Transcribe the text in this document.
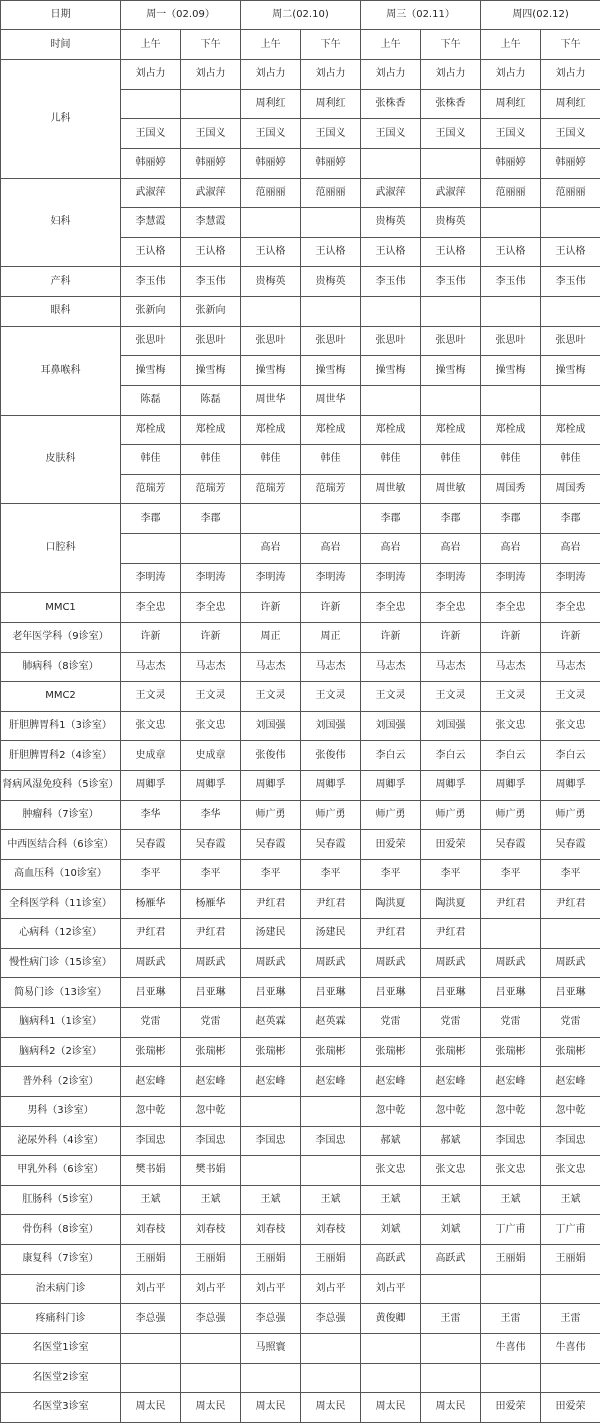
日期	周一（02.09）		周二(02.10)		周三（02.11）		周四(02.12)	
时间	上午	下午	上午	下午	上午	下午	上午	下午
儿科	刘占力	刘占力	刘占力	刘占力	刘占力	刘占力	刘占力	刘占力
			周利红	周利红	张株香	张株香	周利红	周利红
	王国义	王国义	王国义	王国义	王国义	王国义	王国义	王国义
	韩丽婷	韩丽婷	韩丽婷	韩丽婷			韩丽婷	韩丽婷
妇科	武淑萍	武淑萍	范丽丽	范丽丽	武淑萍	武淑萍	范丽丽	范丽丽
	李慧霞	李慧霞			贵梅英	贵梅英		
	王认格	王认格	王认格	王认格	王认格	王认格	王认格	王认格
产科	李玉伟	李玉伟	贵梅英	贵梅英	李玉伟	李玉伟	李玉伟	李玉伟
眼科	张新向	张新向						
耳鼻喉科	张思叶	张思叶	张思叶	张思叶	张思叶	张思叶	张思叶	张思叶
	操雪梅	操雪梅	操雪梅	操雪梅	操雪梅	操雪梅	操雪梅	操雪梅
	陈磊	陈磊	周世华	周世华				
皮肤科	郑栓成	郑栓成	郑栓成	郑栓成	郑栓成	郑栓成	郑栓成	郑栓成
	韩佳	韩佳	韩佳	韩佳	韩佳	韩佳	韩佳	韩佳
	范瑞芳	范瑞芳	范瑞芳	范瑞芳	周世敏	周世敏	周国秀	周国秀
口腔科	李郡	李郡			李郡	李郡	李郡	李郡
			高岩	高岩	高岩	高岩	高岩	高岩
	李明涛	李明涛	李明涛	李明涛	李明涛	李明涛	李明涛	李明涛
MMC1	李全忠	李全忠	许新	许新	李全忠	李全忠	李全忠	李全忠
老年医学科（9诊室）	许新	许新	周正	周正	许新	许新	许新	许新
肺病科（8诊室）	马志杰	马志杰	马志杰	马志杰	马志杰	马志杰	马志杰	马志杰
MMC2	王文灵	王文灵	王文灵	王文灵	王文灵	王文灵	王文灵	王文灵
肝胆脾胃科1（3诊室）	张文忠	张文忠	刘国强	刘国强	刘国强	刘国强	张文忠	张文忠
肝胆脾胃科2（4诊室）	史成章	史成章	张俊伟	张俊伟	李白云	李白云	李白云	李白云
肾病风湿免疫科（5诊室）	周卿孚	周卿孚	周卿孚	周卿孚	周卿孚	周卿孚	周卿孚	周卿孚
肿瘤科（7诊室）	李华	李华	师广勇	师广勇	师广勇	师广勇	师广勇	师广勇
中西医结合科（6诊室）	吴春霞	吴春霞	吴春霞	吴春霞	田爱荣	田爱荣	吴春霞	吴春霞
高血压科（10诊室）	李平	李平	李平	李平	李平	李平	李平	李平
全科医学科（11诊室）	杨雁华	杨雁华	尹红君	尹红君	陶洪夏	陶洪夏	尹红君	尹红君
心病科（12诊室）	尹红君	尹红君	汤建民	汤建民	尹红君	尹红君		
慢性病门诊（15诊室）	周跃武	周跃武	周跃武	周跃武	周跃武	周跃武	周跃武	周跃武
简易门诊（13诊室）	吕亚琳	吕亚琳	吕亚琳	吕亚琳	吕亚琳	吕亚琳	吕亚琳	吕亚琳
脑病科1（1诊室）	党雷	党雷	赵英霖	赵英霖	党雷	党雷	党雷	党雷
脑病科2（2诊室）	张瑞彬	张瑞彬	张瑞彬	张瑞彬	张瑞彬	张瑞彬	张瑞彬	张瑞彬
普外科（2诊室）	赵宏峰	赵宏峰	赵宏峰	赵宏峰	赵宏峰	赵宏峰	赵宏峰	赵宏峰
男科（3诊室）	忽中乾	忽中乾			忽中乾	忽中乾	忽中乾	忽中乾
泌尿外科（4诊室）	李国忠	李国忠	李国忠	李国忠	郝斌	郝斌	李国忠	李国忠
甲乳外科（6诊室）	樊书娟	樊书娟			张文忠	张文忠	张文忠	张文忠
肛肠科（5诊室）	王斌	王斌	王斌	王斌	王斌	王斌	王斌	王斌
骨伤科（8诊室）	刘春枝	刘春枝	刘春枝	刘春枝	刘斌	刘斌	丁广甫	丁广甫
康复科（7诊室）	王丽娟	王丽娟	王丽娟	王丽娟	高跃武	高跃武	王丽娟	王丽娟
治未病门诊	刘占平	刘占平	刘占平	刘占平	刘占平			
疼痛科门诊	李总强	李总强	李总强	李总强	黄俊卿	王雷	王雷	王雷
名医堂1诊室			马照寰				牛喜伟	牛喜伟
名医堂2诊室								
名医堂3诊室	周太民	周太民	周太民	周太民	周太民	周太民	田爱荣	田爱荣
